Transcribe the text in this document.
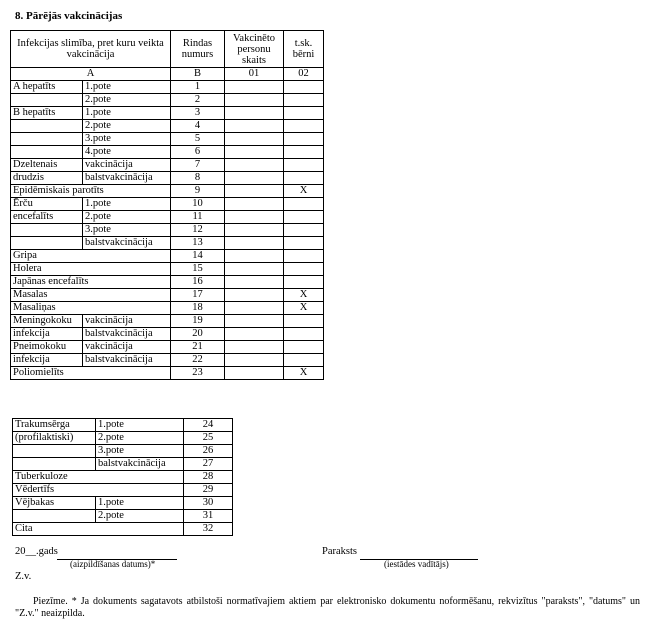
8. Pārējās vakcinācijas
Infekcijas slimība, pret kuru veikta vakcinācija		Rindas numurs	Vakcinēto personu skaits	t.sk. bērni
A		B	01	02
A hepatīts	1.pote	1		
	2.pote	2		
B hepatīts	1.pote	3		
	2.pote	4		
	3.pote	5		
	4.pote	6		
Dzeltenais	vakcinācija	7		
drudzis	balstvakcinācija	8		
Epidēmiskais parotīts		9		X
Ērču	1.pote	10		
encefalīts	2.pote	11		
	3.pote	12		
	balstvakcinācija	13		
Gripa		14		
Holera		15		
Japānas encefalīts		16		
Masalas		17		X
Masaliņas		18		X
Meningokoku	vakcinācija	19		
infekcija	balstvakcinācija	20		
Pneimokoku	vakcinācija	21		
infekcija	balstvakcinācija	22		
Poliomielīts		23		X
Trakumsērga	1.pote	24
(profilaktiski)	2.pote	25
	3.pote	26
	balstvakcinācija	27
Tuberkuloze		28
Vēdertīfs		29
Vējbakas	1.pote	30
	2.pote	31
Cita		32
20__.gads
(aizpildīšanas datums)*
Paraksts
(iestādes vadītājs)
Z.v.
Piezīme. * Ja dokuments sagatavots atbilstoši normatīvajiem aktiem par elektronisko dokumentu noformēšanu, rekvizītus "paraksts", "datums" un "Z.v." neaizpilda.
